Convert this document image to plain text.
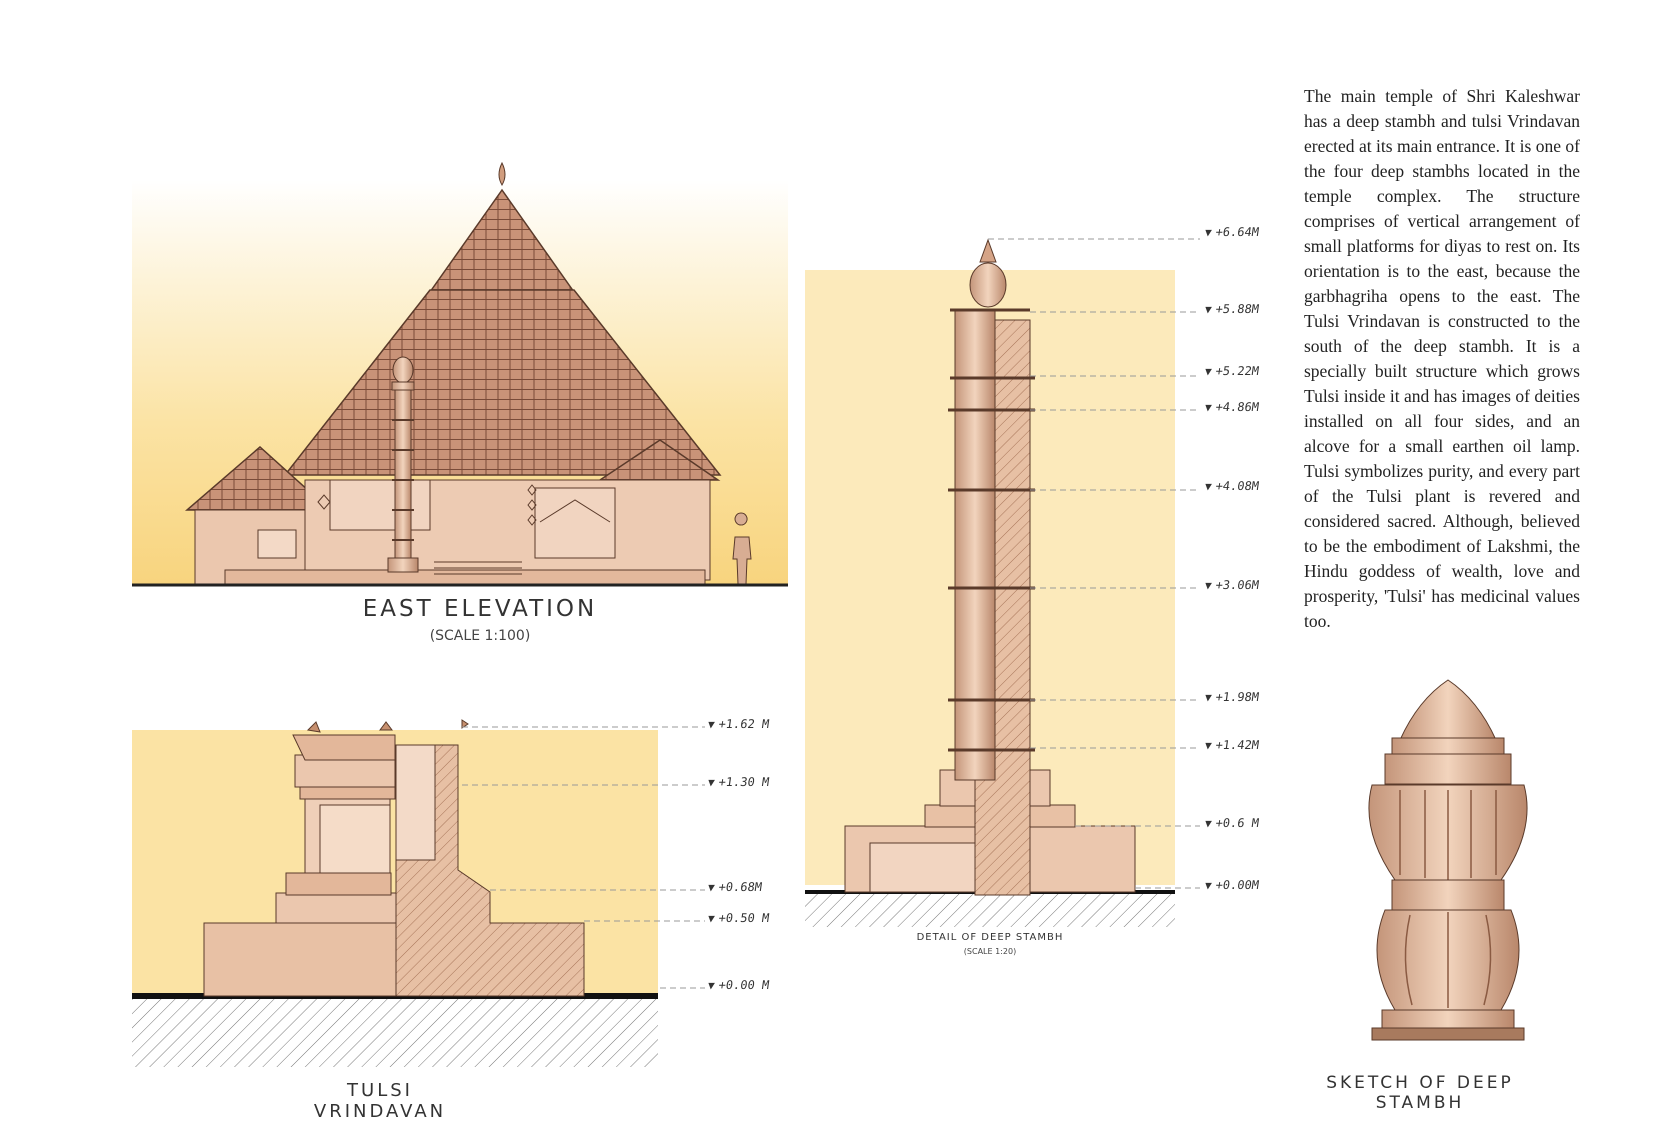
EAST ELEVATION
(SCALE 1:100)
TULSI VRINDAVAN
DETAIL OF DEEP STAMBH
(SCALE 1:20)
SKETCH OF DEEP STAMBH
▼ +1.62 M
▼ +1.30 M
▼ +0.68M
▼ +0.50 M
▼ +0.00 M
▼ +6.64M
▼ +5.88M
▼ +5.22M
▼ +4.86M
▼ +4.08M
▼ +3.06M
▼ +1.98M
▼ +1.42M
▼ +0.6 M
▼ +0.00M
The main temple of Shri Kaleshwar has a deep stambh and tulsi Vrindavan erected at its main entrance. It is one of the four deep stambhs located in the temple complex. The structure comprises of vertical arrangement of small platforms for diyas to rest on. Its orientation is to the east, because the garbhagriha opens to the east. The Tulsi Vrindavan is constructed to the south of the deep stambh. It is a specially built structure which grows Tulsi inside it and has images of deities installed on all four sides, and an alcove for a small earthen oil lamp. Tulsi symbolizes purity, and every part of the Tulsi plant is revered and considered sacred. Although, believed to be the embodiment of Lakshmi, the Hindu goddess of wealth, love and prosperity, 'Tulsi' has medicinal values too.
